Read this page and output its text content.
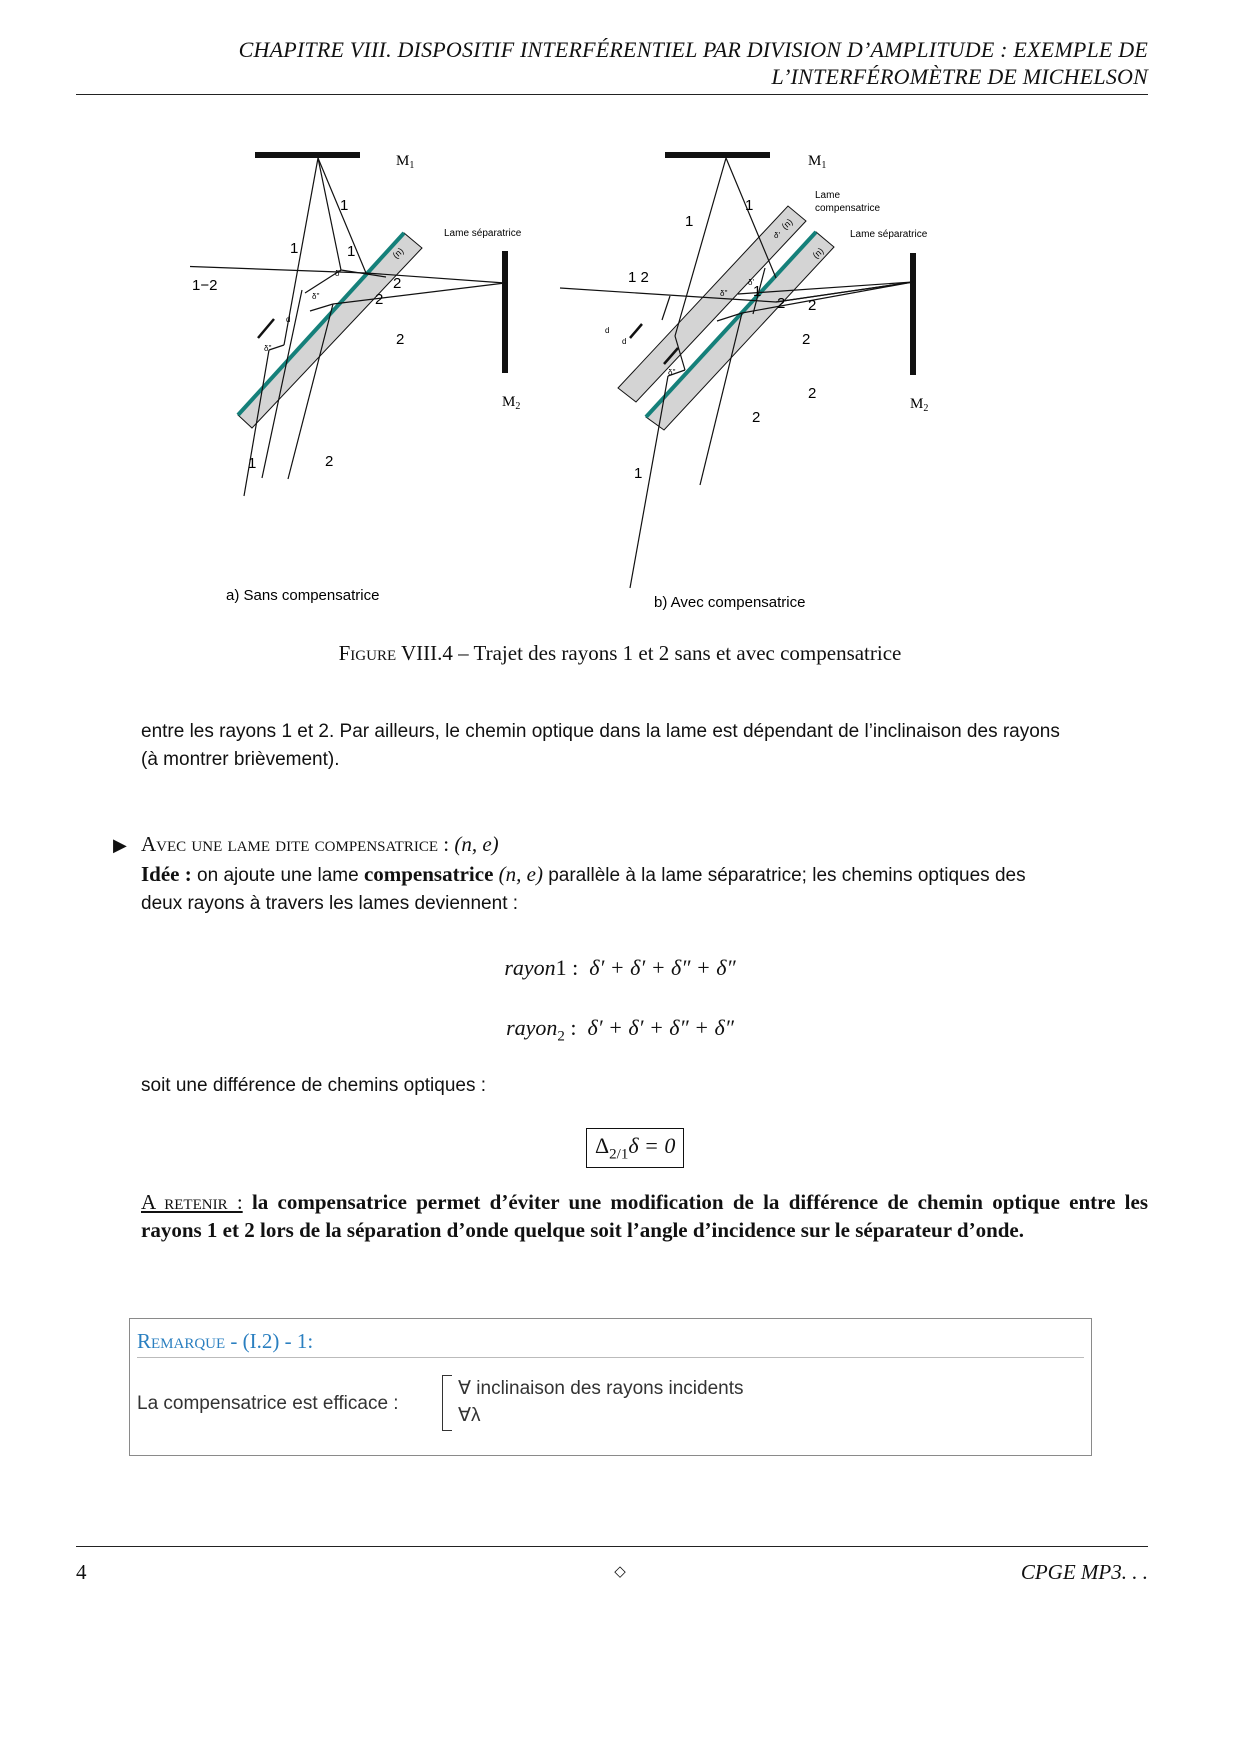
CHAPITRE VIII. DISPOSITIF INTERFÉRENTIEL PAR DIVISION D’AMPLITUDE : EXEMPLE DE
L’INTERFÉROMÈTRE DE MICHELSON
$M_1$
$M_2$
Lame séparatrice
(n)
δ''
δ''
δ'
d
1
1	1
1
1−2
2
2
2
2
a) Sans compensatrice
$M_1$
$M_2$
Lame
compensatrice
(n)
Lame séparatrice
(n)
δ''
δ''
δ'
δ'
d
d
1
1
1
1
1 2
2 2
2
2
2
b) Avec compensatrice
Figure VIII.4 – Trajet des rayons 1 et 2 sans et avec compensatrice
entre les rayons 1 et 2. Par ailleurs, le chemin optique dans la lame est dépendant de l’inclinaison des rayons
(à montrer brièvement).
▶ Avec une lame dite compensatrice : (n, e)
Idée : on ajoute une lame compensatrice (n, e) parallèle à la lame séparatrice; les chemins optiques des
deux rayons à travers les lames deviennent :
rayon1 : δ′ + δ′ + δ″ + δ″
rayon$_2$ : δ′ + δ′ + δ″ + δ″
soit une différence de chemins optiques :
$\Delta_{2/1}\delta = 0$
A retenir : la compensatrice permet d’éviter une modification de la différence de chemin optique entre les rayons 1 et 2 lors de la séparation d’onde quelque soit l’angle d’incidence sur le séparateur d’onde.
Remarque - (I.2) - 1:
La compensatrice est efficace :
∀ inclinaison des rayons incidents
∀λ
4	◇	CPGE MP3. . .
